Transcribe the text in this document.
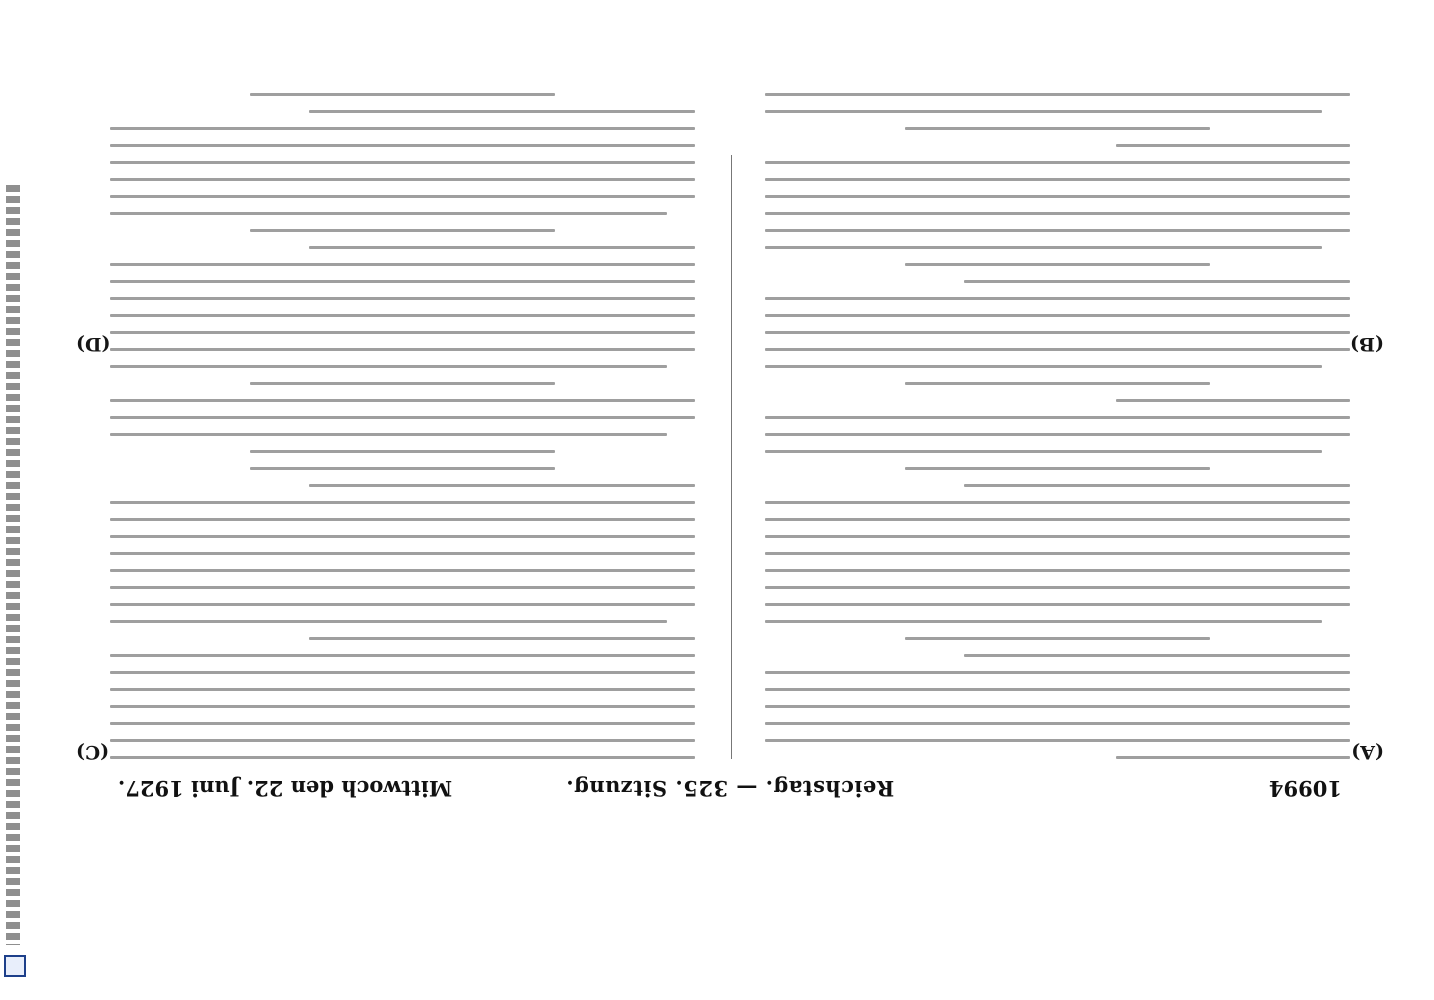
10994
Reichstag. — 325. Sitzung.
Mittwoch den 22. Juni 1927.
(A)
(B)
(C)
(D)
